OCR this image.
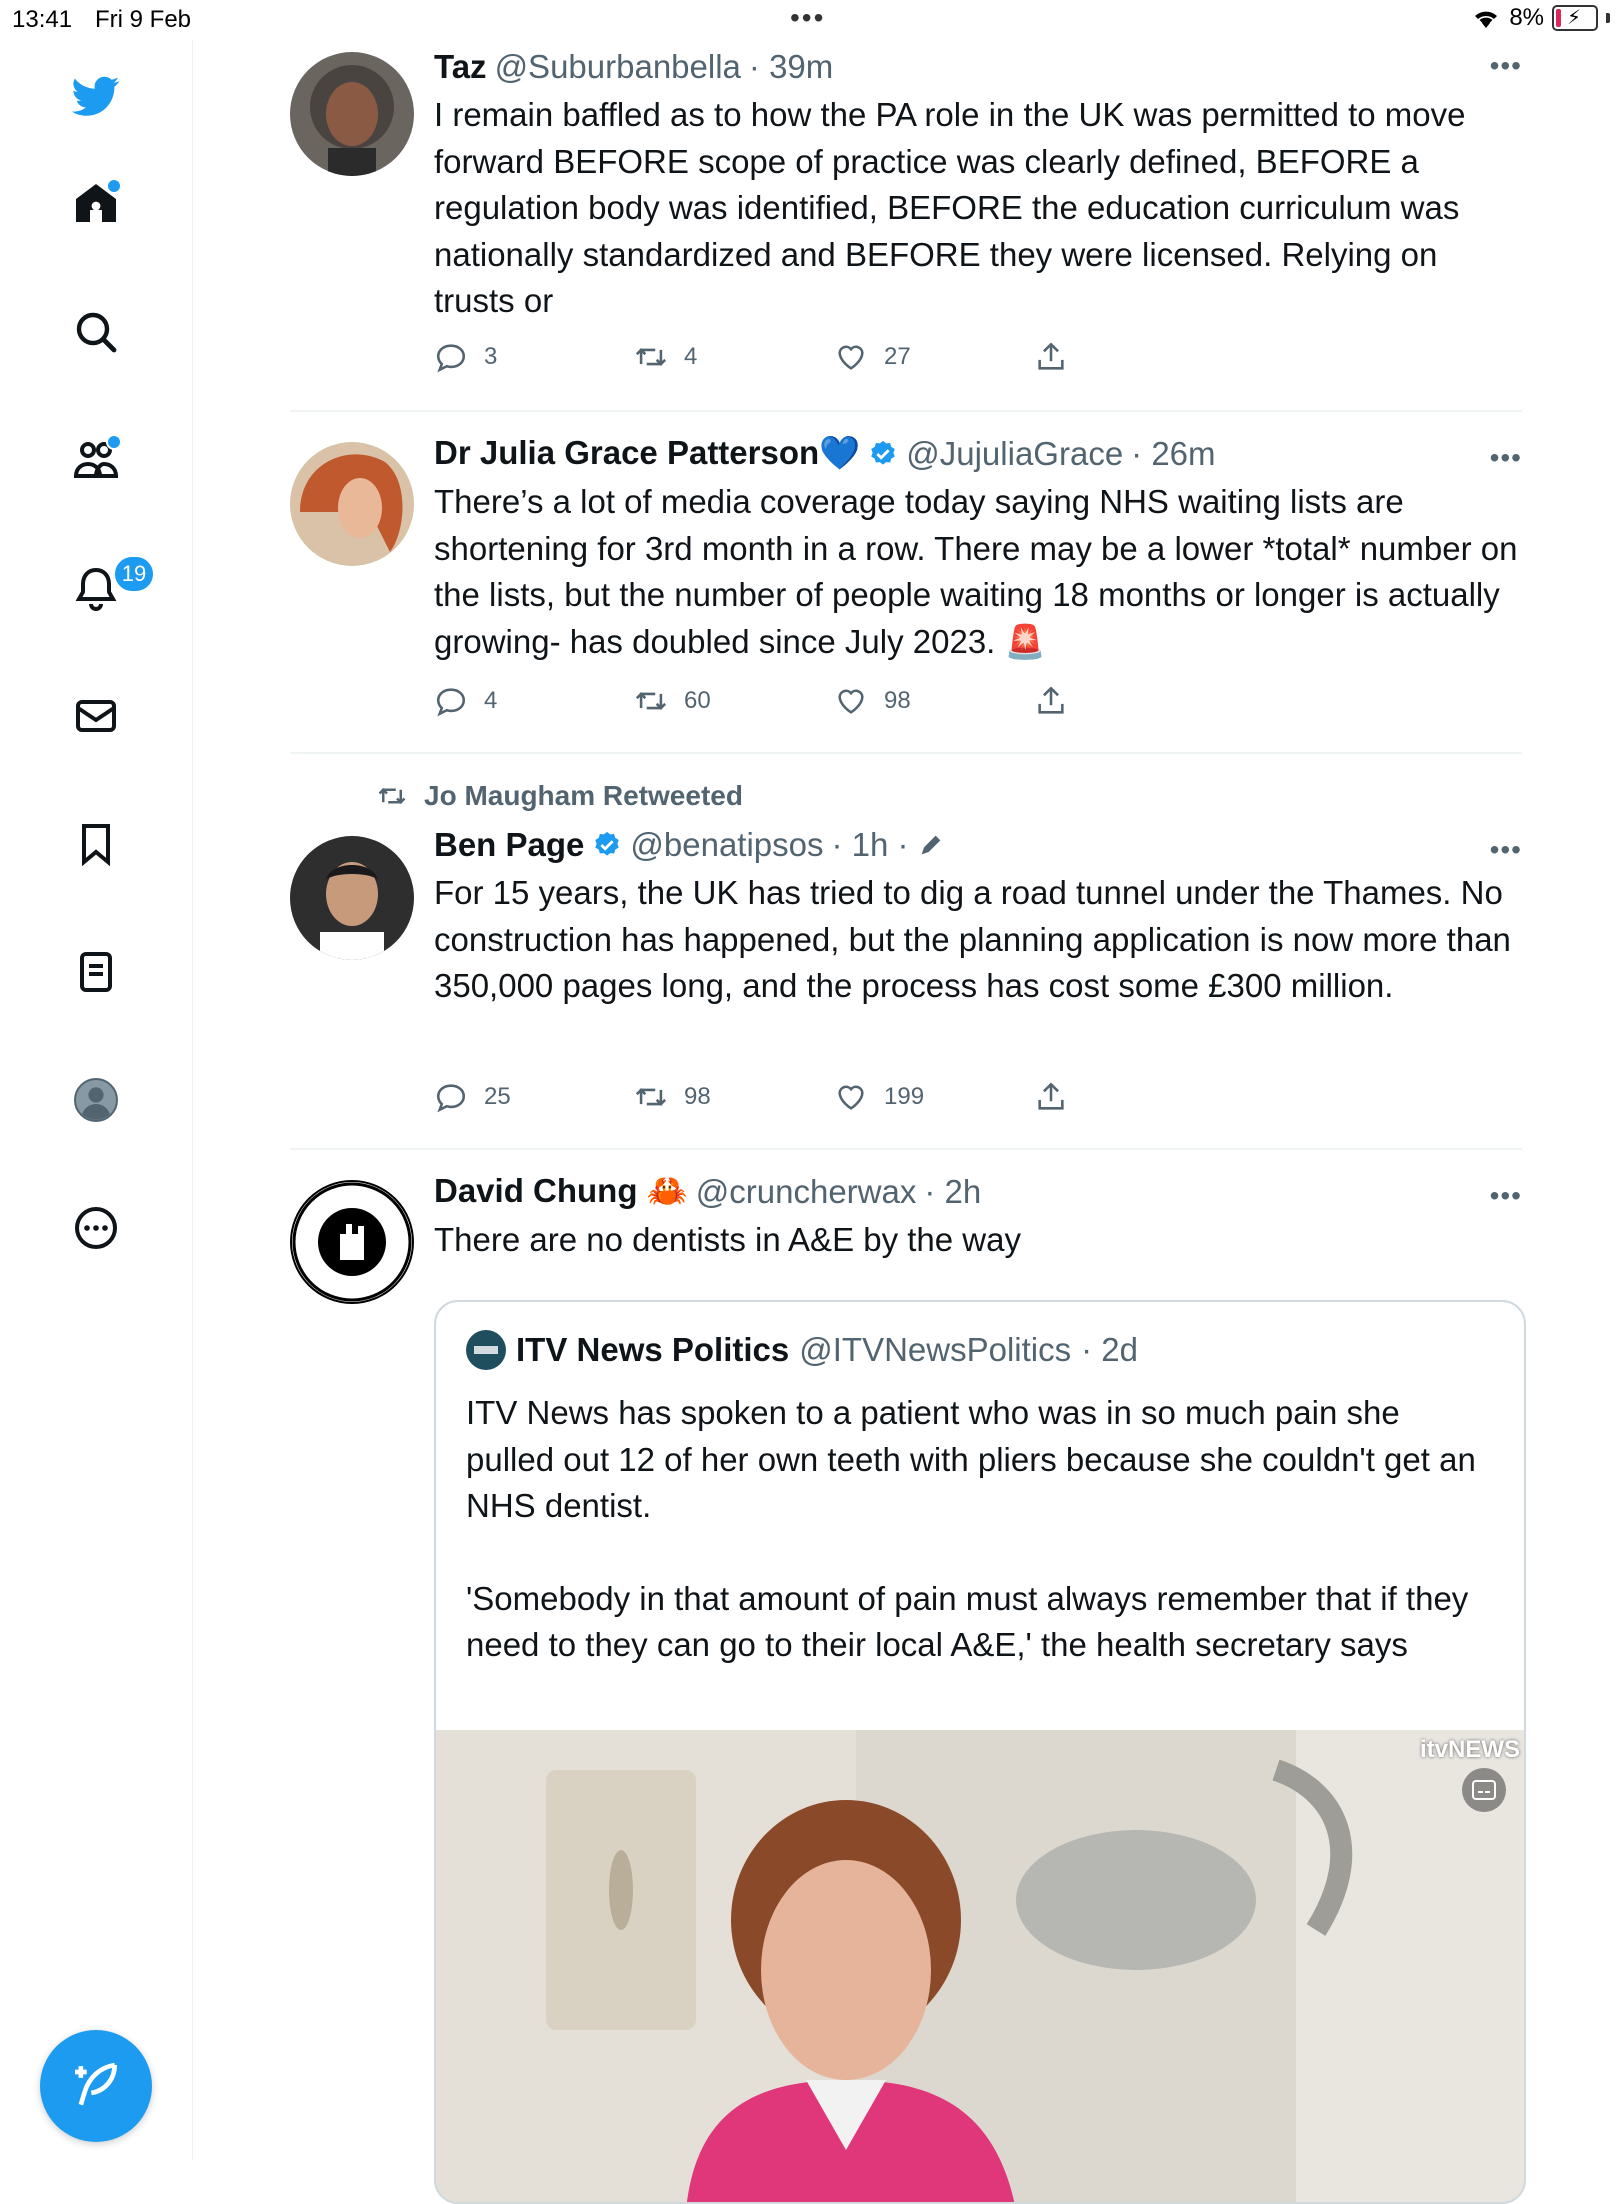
13:41 Fri 9 Feb	•••	8% ⚡
19
Taz @Suburbanbella · 39m
I remain baffled as to how the PA role in the UK was permitted to move forward BEFORE scope of practice was clearly defined, BEFORE a regulation body was identified, BEFORE the education curriculum was nationally standardized and BEFORE they were licensed. Relying on trusts or
•••
3	4	27
Dr Julia Grace Patterson💙 @JujuliaGrace · 26m
There’s a lot of media coverage today saying NHS waiting lists are shortening for 3rd month in a row. There may be a lower *total* number on the lists, but the number of people waiting 18 months or longer is actually growing- has doubled since July 2023. 🚨
•••
4	60	98
Jo Maugham Retweeted
Ben Page @benatipsos · 1h ·
For 15 years, the UK has tried to dig a road tunnel under the Thames. No construction has happened, but the planning application is now more than 350,000 pages long, and the process has cost some £300 million.
•••
25	98	199
David Chung 🦀 @cruncherwax · 2h
There are no dentists in A&E by the way
•••
ITV News Politics @ITVNewsPolitics · 2d
ITV News has spoken to a patient who was in so much pain she pulled out 12 of her own teeth with pliers because she couldn't get an NHS dentist.
'Somebody in that amount of pain must always remember that if they need to they can go to their local A&E,' the health secretary says
itvNEWS
